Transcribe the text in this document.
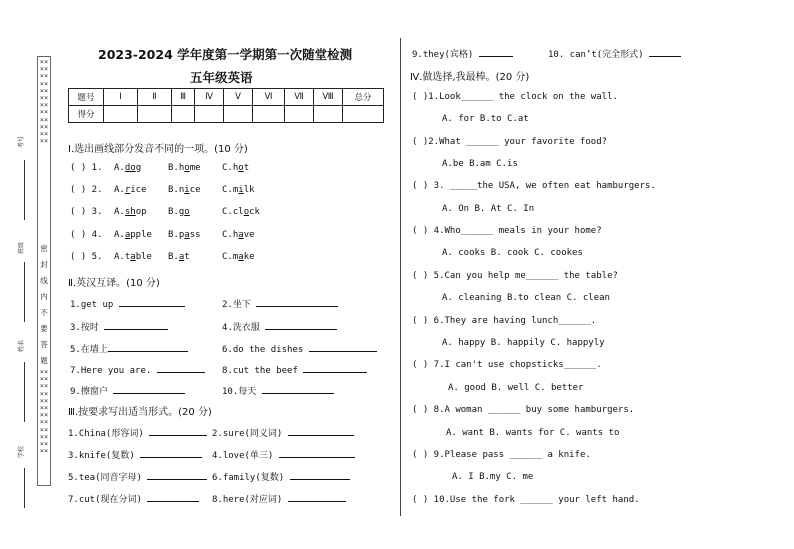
××××××××××××××××××××××××
密
封
线
内
不
要
答
题
××××××××××××××××××××××××
考号
班级
姓名
学校
2023-2024 学年度第一学期第一次随堂检测
五年级英语
题号	Ⅰ	Ⅱ	Ⅲ	Ⅳ	Ⅴ	Ⅵ	Ⅶ	Ⅷ	总分
得分									
Ⅰ.选出画线部分发音不同的一项。(10 分)
( ) 1. A.dog	B.home C.hot
( ) 2. A.rice B.nice C.milk
( ) 3. A.shop B.go	C.clock
( ) 4. A.apple B.pass C.have
( ) 5. A.table B.at	C.make
Ⅱ.英汉互译。(10 分)
1.get up	2.坐下
3.按时	4.洗衣服
5.在墙上	6.do the dishes
7.Here you are.	8.cut the beef
9.擦窗户	10.每天
Ⅲ.按要求写出适当形式。(20 分)
1.China(形容词)	2.sure(同义词)
3.knife(复数)	4.love(单三)
5.tea(同音字母)	6.family(复数)
7.cut(现在分词)	8.here(对应词)
9.they(宾格)	10. can’t(完全形式)
Ⅳ.做选择,我最棒。(20 分)
( )1.Look______ the clock on the wall.
A. for B.to C.at
( )2.What ______ your favorite food?
A.be B.am C.is
( ) 3. _____the USA, we often eat hamburgers.
A. On B. At C. In
( ) 4.Who______ meals in your home?
A. cooks B. cook C. cookes
( ) 5.Can you help me______ the table?
A. cleaning B.to clean C. clean
( ) 6.They are having lunch______.
A. happy B. happily C. happyly
( ) 7.I can't use chopsticks______.
A. good B. well C. better
( ) 8.A woman ______ buy some hamburgers.
A. want B. wants for C. wants to
( ) 9.Please pass ______ a knife.
A. I B.my C. me
( ) 10.Use the fork ______ your left hand.
